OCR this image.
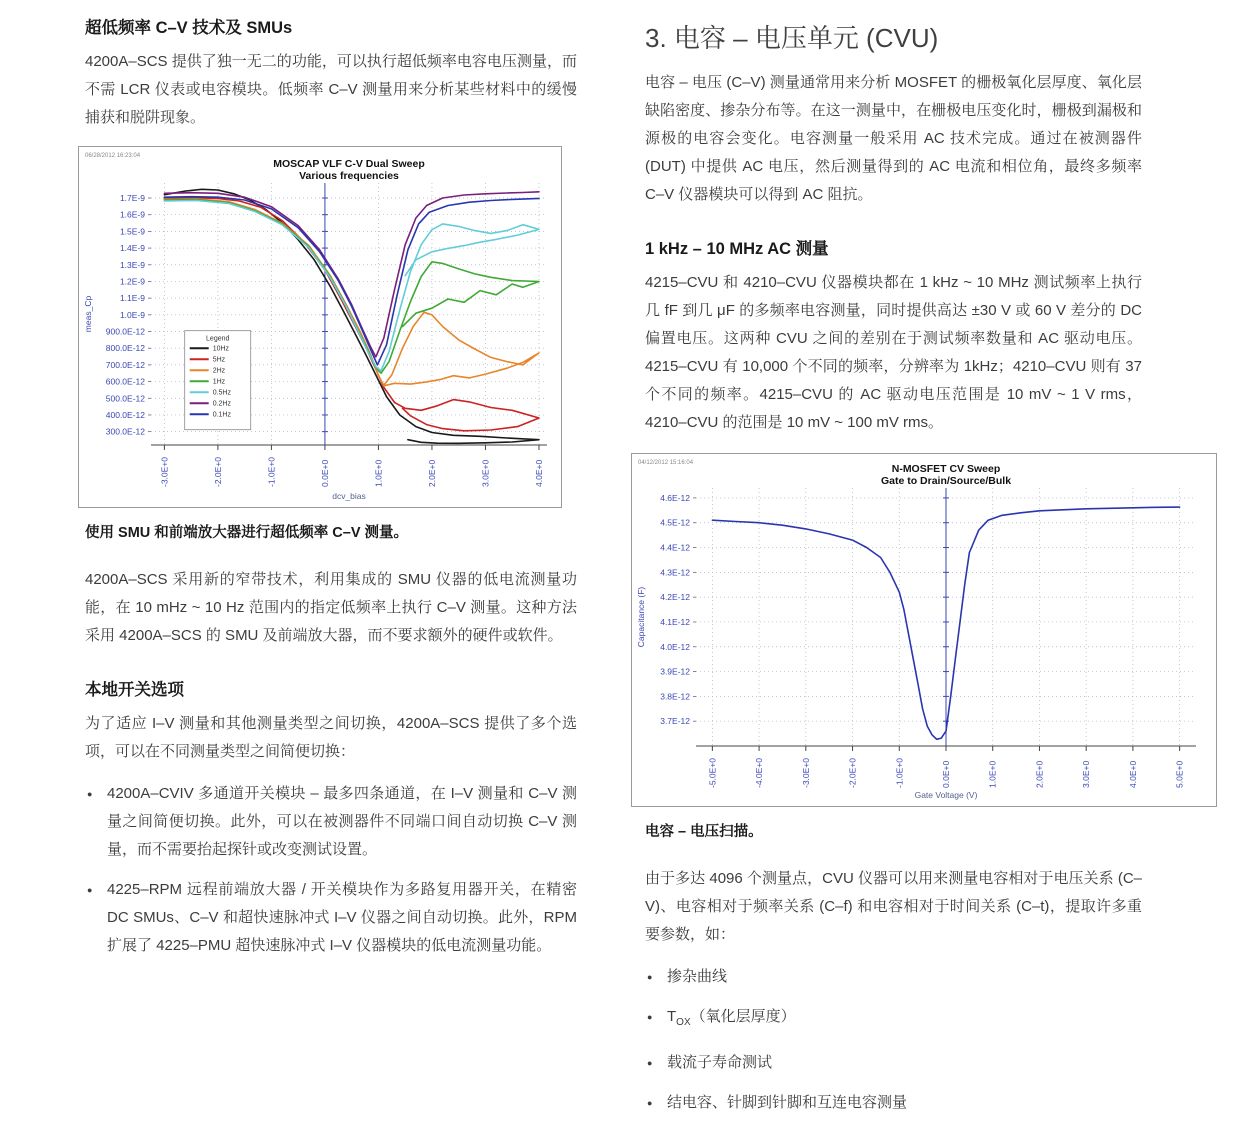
超低频率 C–V 技术及 SMUs

4200A–SCS 提供了独一无二的功能，可以执行超低频率电容电压测量，而不需 LCR 仪表或电容模块。低频率 C–V 测量用来分析某些材料中的缓慢捕获和脱阱现象。

1.7E-9
1.6E-9
1.5E-9
1.4E-9
1.3E-9
1.2E-9
1.1E-9
1.0E-9
900.0E-12
800.0E-12
700.0E-12
600.0E-12
500.0E-12
400.0E-12
300.0E-12
-3.0E+0	-2.0E+0	-1.0E+0	0.0E+0	1.0E+0	2.0E+0	3.0E+0	4.0E+0
MOSCAP VLF C-V Dual Sweep
Various frequencies
06/28/2012 16:23:04
dcv_bias
meas_Cp
Legend
10Hz
5Hz
2Hz
1Hz
0.5Hz
0.2Hz
0.1Hz
使用 SMU 和前端放大器进行超低频率 C–V 测量。

4200A–SCS 采用新的窄带技术，利用集成的 SMU 仪器的低电流测量功能，在 10 mHz ~ 10 Hz 范围内的指定低频率上执行 C–V 测量。这种方法采用 4200A–SCS 的 SMU 及前端放大器，而不要求额外的硬件或软件。

本地开关选项

为了适应 I–V 测量和其他测量类型之间切换，4200A–SCS 提供了多个选项，可以在不同测量类型之间简便切换：

● 4200A–CVIV 多通道开关模块 – 最多四条通道，在 I–V 测量和 C–V 测量之间简便切换。此外，可以在被测器件不同端口间自动切换 C–V 测量，而不需要抬起探针或改变测试设置。
● 4225–RPM 远程前端放大器 / 开关模块作为多路复用器开关，在精密 DC SMUs、C–V 和超快速脉冲式 I–V 仪器之间自动切换。此外，RPM 扩展了 4225–PMU 超快速脉冲式 I–V 仪器模块的低电流测量功能。
3. 电容 – 电压单元 (CVU)

电容 – 电压 (C–V) 测量通常用来分析 MOSFET 的栅极氧化层厚度、氧化层缺陷密度、掺杂分布等。在这一测量中，在栅极电压变化时，栅极到漏极和源极的电容会变化。电容测量一般采用 AC 技术完成。通过在被测器件 (DUT) 中提供 AC 电压，然后测量得到的 AC 电流和相位角，最终多频率 C–V 仪器模块可以得到 AC 阻抗。

1 kHz – 10 MHz AC 测量

4215–CVU 和 4210–CVU 仪器模块都在 1 kHz ~ 10 MHz 测试频率上执行几 fF 到几 μF 的多频率电容测量，同时提供高达 ±30 V 或 60 V 差分的 DC 偏置电压。这两种 CVU 之间的差别在于测试频率数量和 AC 驱动电压。4215–CVU 有 10,000 个不同的频率，分辨率为 1kHz；4210–CVU 则有 37 个不同的频率。4215–CVU 的 AC 驱动电压范围是 10 mV ~ 1 V rms，4210–CVU 的范围是 10 mV ~ 100 mV rms。

4.6E-12
4.5E-12
4.4E-12
4.3E-12
4.2E-12
4.1E-12
4.0E-12
3.9E-12
3.8E-12
3.7E-12
-5.0E+0	-4.0E+0	-3.0E+0	-2.0E+0	-1.0E+0	0.0E+0	1.0E+0	2.0E+0	3.0E+0	4.0E+0	5.0E+0
N-MOSFET CV Sweep
Gate to Drain/Source/Bulk
04/12/2012 15:16:04
Gate Voltage (V)
Capacitance (F)
电容 – 电压扫描。

由于多达 4096 个测量点，CVU 仪器可以用来测量电容相对于电压关系 (C–V)、电容相对于频率关系 (C–f) 和电容相对于时间关系 (C–t)，提取许多重要参数，如：

● 掺杂曲线
● $T_{OX}$（氧化层厚度）
● 载流子寿命测试
● 结电容、针脚到针脚和互连电容测量
